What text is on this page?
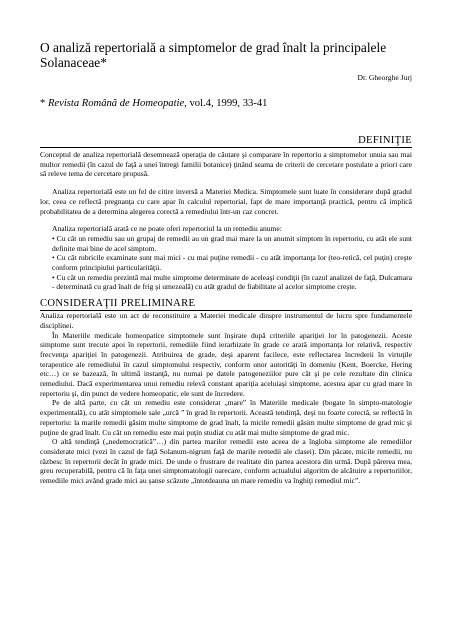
O analiză repertorială a simptomelor de grad înalt la principalele
Solanaceae*
Dr. Gheorghe Jurj
* Revista Română de Homeopatie, vol.4, 1999, 33-41
DEFINIŢIE
Conceptul de analiza repertorială desemnează operaţia de căutare şi comparare în repertoriu a simptomelor unuia sau mai multor remedii (în cazul de faţă a unei întregi familii botanice) ţinând seama de criterii de cercetare postulate a priori care să releve tema de cercetare propusă.

Analiza repertorială este un fel de citire inversă a Materiei Medica. Simptomele sunt luate în considerare după gradul lor, ceea ce reflectă pregnanţa cu care apar în calculul repertorial, fapt de mare importanţă practică, pentru că implică probabilitatea de a determina alegerea corectă a remediului într-un caz concret.

Analiza repertorială arată ce ne poate oferi repertoriul la un remediu anume:

• Cu cât un remediu sau un grupaj de remedii au un grad mai mare la un anumit simptom în repertoriu, cu atât ele sunt definite mai bine de acel simptom.

• Cu cât rubricile examinate sunt mai mici - cu mai puţine remedii - cu atât importanţa lor (teo-retică, cel puţin) creşte conform principiului particularităţii.

• Cu cât un remediu prezintă mai multe simptome determinate de aceleaşi condiţii (în cazul analizei de faţă, Dulcamara - determinată cu grad înalt de frig şi umezeală) cu atât gradul de fiabilitate al acelor simptome creşte.

CONSIDERAŢII PRELIMINARE

Analiza repertorială este un act de reconstituire a Materiei medicale dinspre instrumentul de lucru spre fundamentele disciplinei.

În Materiile medicale homeopatice simptomele sunt înşirate după criteriile apariţiei lor în patogenezii. Aceste simptome sunt trecute apoi în repertorii, remediile fiind ierarhizate în grade ce arată importanţa lor relativă, respectiv frecvenţa apariţiei în patogenezii. Atribuirea de grade, deşi aparent facilece, este reflectarea încrederii în virtuţile terapeutice ale remediului în cazul simptomului respectiv, conform unor autorităţi în domeniu (Kent, Boercke, Hering etc…) ce se bazează, în ultimă instanţă, nu numai pe datele patogeneziilor pure cât şi pe cele rezultate din clinica remediului. Dacă experimentarea unui remediu relevă constant apariţia aceluiaşi simptome, acestea apar cu grad mare în repertoriu şi, din punct de vedere homeopatic, ele sunt de încredere.

Pe de altă parte, cu cât un remediu este considerat „mare” în Materiile medicale (bogate în simpto-matologie experimentală), cu atât simptomele sale „urcă ” în grad în repertorii. Această tendinţă, deşi nu foarte corectă, se reflectă în repertoriu: la marile remedii găsim multe simptome de grad înalt, la micile remedii găsim multe simptome de grad mic şi puţine de grad înalt. Cu cât un remediu este mai puţin studiat cu atât mai multe simptome de grad mic.

O altă tendinţă („nedemocratică”…) din partea marilor remedii este aceea de a îngloba simptome ale remediilor considerate mici (vezi în cazul de faţă Solanum-nigrum faţă de marile remedii ale clasei). Din păcate, micile remedii, nu răzbesc în repertorii decât în grade mici. De unde o frustrare de realitate din partea acestora din urmă. După părerea mea, greu recuperabilă, pentru că în faţa unei simptomatologii oarecare, conform actualului algoritm de alcătuire a repertoriilor, remediile mici având grade mici au şanse scăzute „întotdeauna un mare remediu va înghiţi remediul mic”.
